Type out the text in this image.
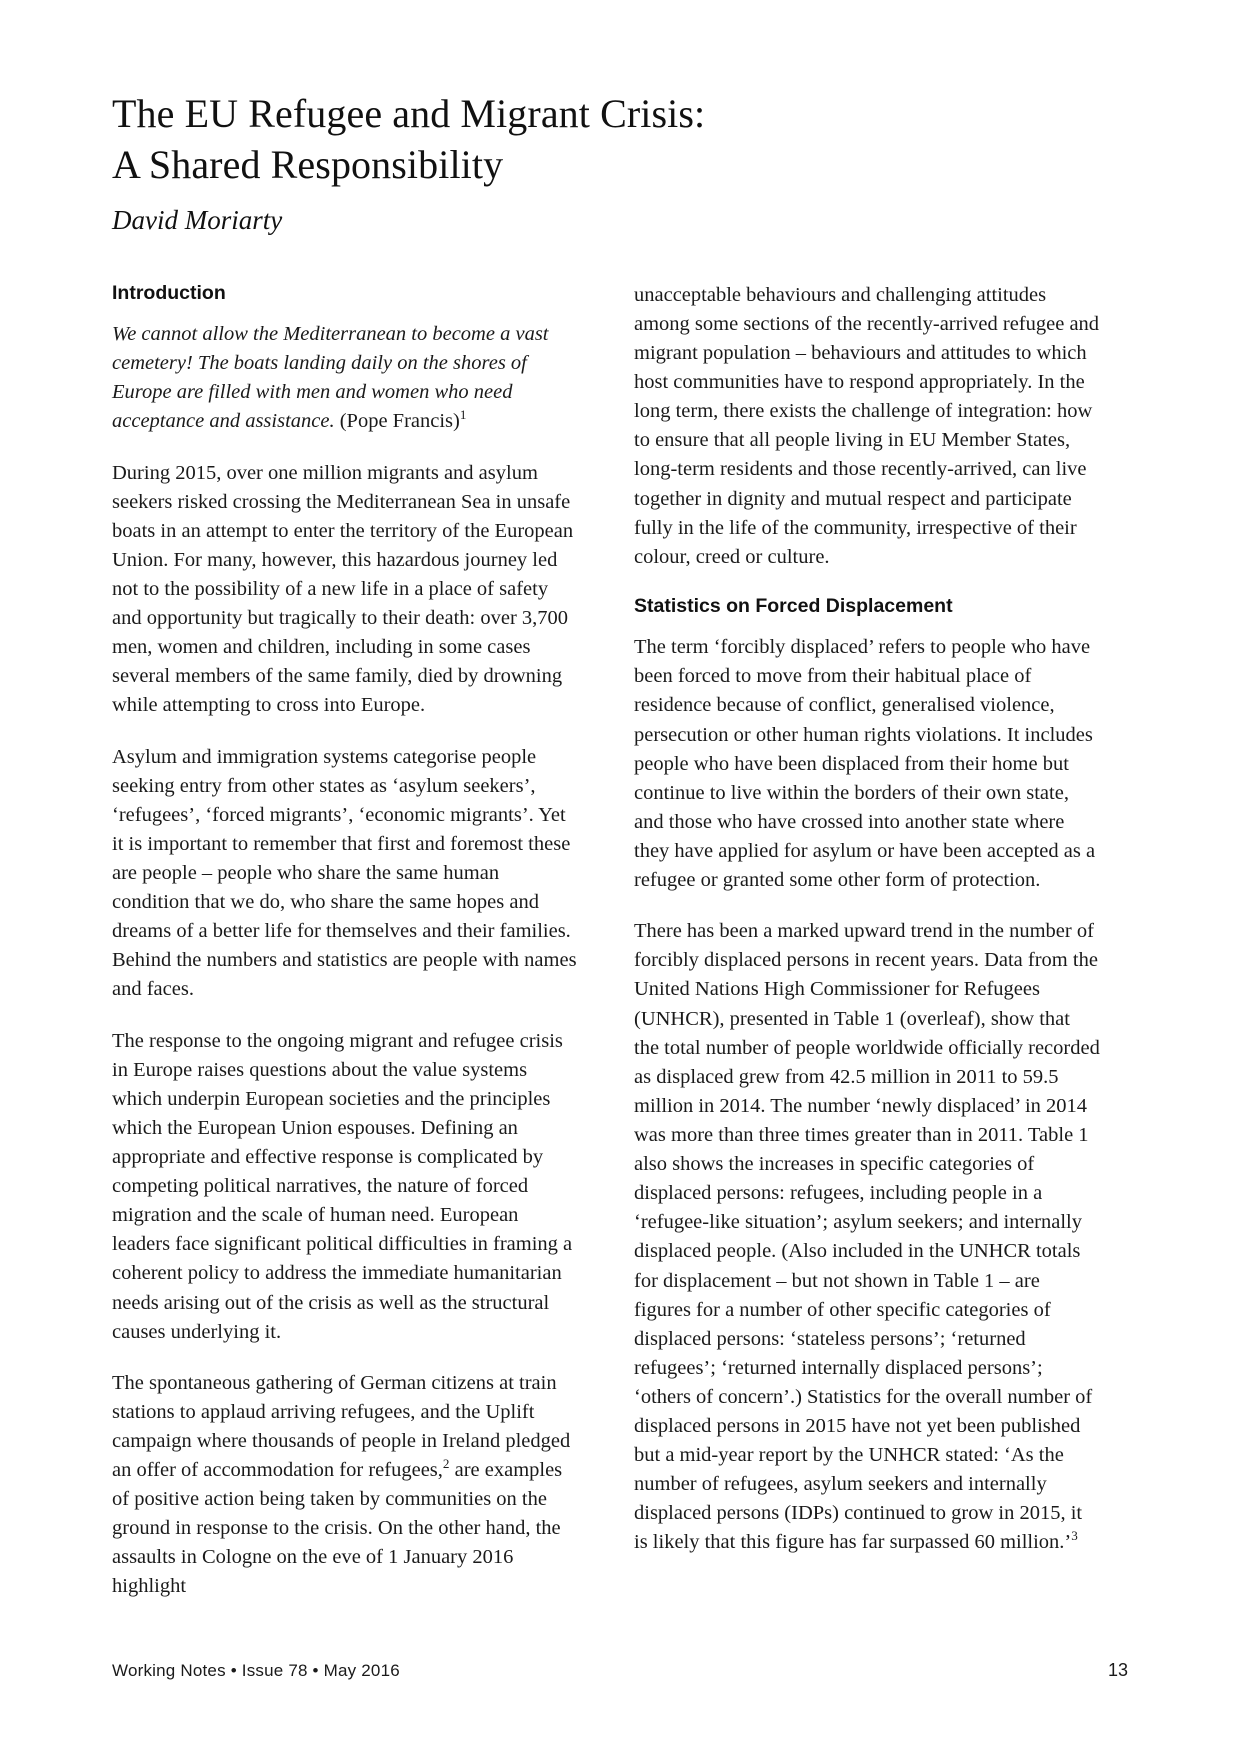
The EU Refugee and Migrant Crisis:
A Shared Responsibility
David Moriarty
Introduction

We cannot allow the Mediterranean to become a vast cemetery! The boats landing daily on the shores of Europe are filled with men and women who need acceptance and assistance. (Pope Francis)$^1$

During 2015, over one million migrants and asylum seekers risked crossing the Mediterranean Sea in unsafe boats in an attempt to enter the territory of the European Union. For many, however, this hazardous journey led not to the possibility of a new life in a place of safety and opportunity but tragically to their death: over 3,700 men, women and children, including in some cases several members of the same family, died by drowning while attempting to cross into Europe.

Asylum and immigration systems categorise people seeking entry from other states as ‘asylum seekers’, ‘refugees’, ‘forced migrants’, ‘economic migrants’. Yet it is important to remember that first and foremost these are people – people who share the same human condition that we do, who share the same hopes and dreams of a better life for themselves and their families. Behind the numbers and statistics are people with names and faces.

The response to the ongoing migrant and refugee crisis in Europe raises questions about the value systems which underpin European societies and the principles which the European Union espouses. Defining an appropriate and effective response is complicated by competing political narratives, the nature of forced migration and the scale of human need. European leaders face significant political difficulties in framing a coherent policy to address the immediate humanitarian needs arising out of the crisis as well as the structural causes underlying it.

The spontaneous gathering of German citizens at train stations to applaud arriving refugees, and the Uplift campaign where thousands of people in Ireland pledged an offer of accommodation for refugees,$^2$ are examples of positive action being taken by communities on the ground in response to the crisis. On the other hand, the assaults in Cologne on the eve of 1 January 2016 highlight

unacceptable behaviours and challenging attitudes among some sections of the recently-arrived refugee and migrant population – behaviours and attitudes to which host communities have to respond appropriately. In the long term, there exists the challenge of integration: how to ensure that all people living in EU Member States, long-term residents and those recently-arrived, can live together in dignity and mutual respect and participate fully in the life of the community, irrespective of their colour, creed or culture.

Statistics on Forced Displacement

The term ‘forcibly displaced’ refers to people who have been forced to move from their habitual place of residence because of conflict, generalised violence, persecution or other human rights violations. It includes people who have been displaced from their home but continue to live within the borders of their own state, and those who have crossed into another state where they have applied for asylum or have been accepted as a refugee or granted some other form of protection.

There has been a marked upward trend in the number of forcibly displaced persons in recent years. Data from the United Nations High Commissioner for Refugees (UNHCR), presented in Table 1 (overleaf), show that the total number of people worldwide officially recorded as displaced grew from 42.5 million in 2011 to 59.5 million in 2014. The number ‘newly displaced’ in 2014 was more than three times greater than in 2011. Table 1 also shows the increases in specific categories of displaced persons: refugees, including people in a ‘refugee-like situation’; asylum seekers; and internally displaced people. (Also included in the UNHCR totals for displacement – but not shown in Table 1 – are figures for a number of other specific categories of displaced persons: ‘stateless persons’; ‘returned refugees’; ‘returned internally displaced persons’; ‘others of concern’.) Statistics for the overall number of displaced persons in 2015 have not yet been published but a mid-year report by the UNHCR stated: ‘As the number of refugees, asylum seekers and internally displaced persons (IDPs) continued to grow in 2015, it is likely that this figure has far surpassed 60 million.’$^3$

Working Notes • Issue 78 • May 2016	13
